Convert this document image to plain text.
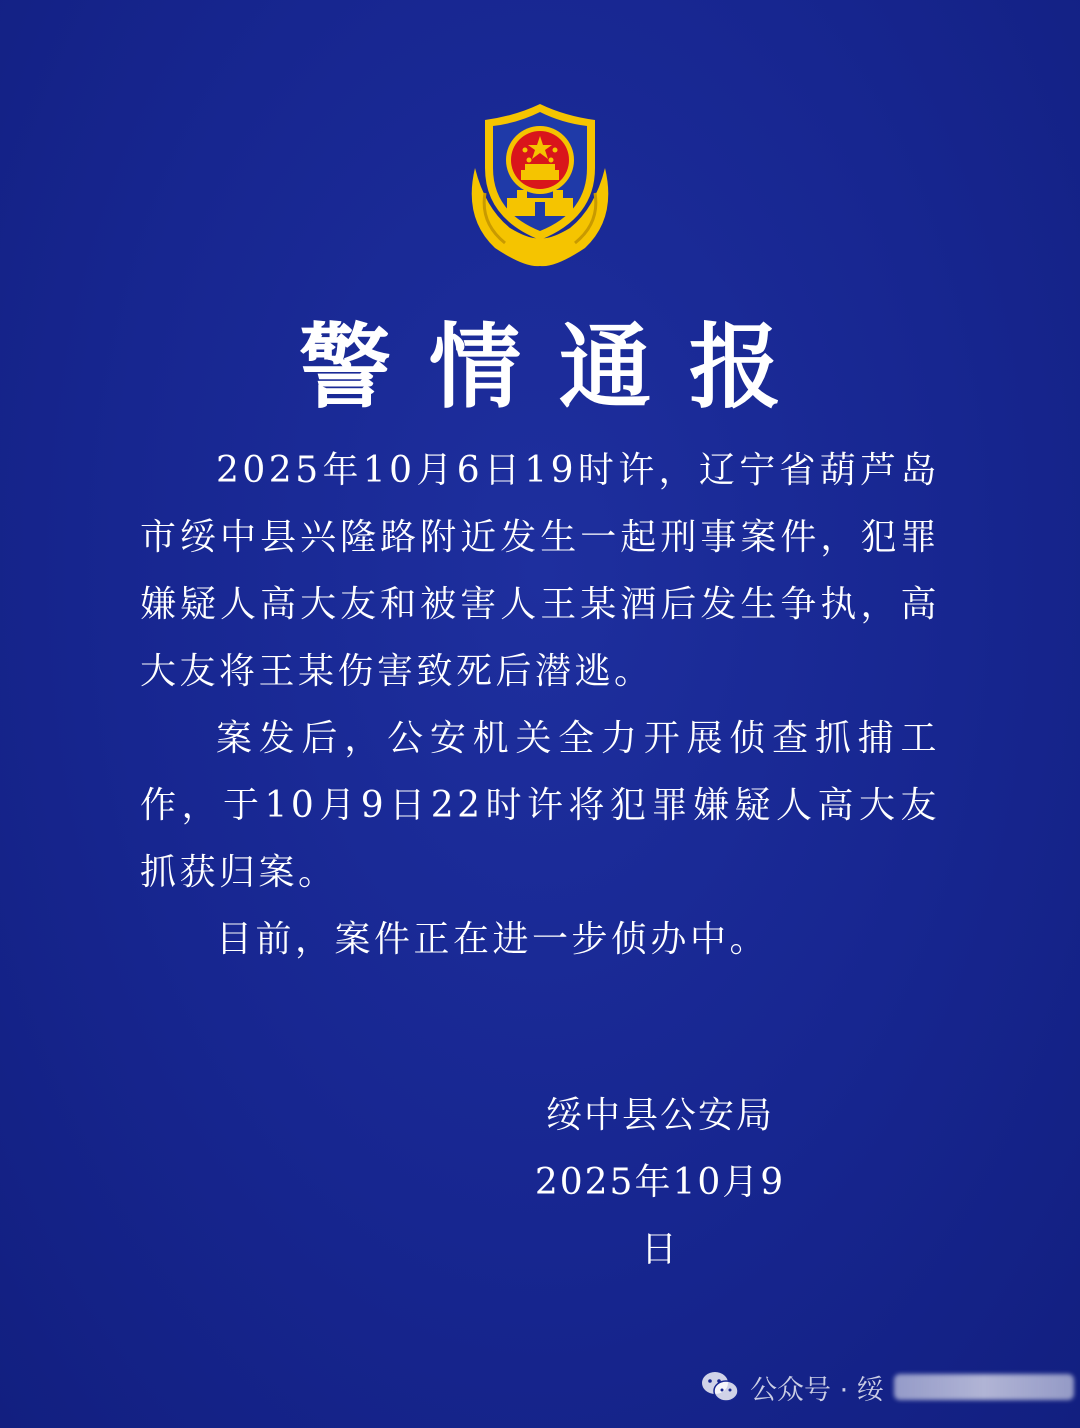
警情通报

2025年10月6日19时许，辽宁省葫芦岛市绥中县兴隆路附近发生一起刑事案件，犯罪嫌疑人高大友和被害人王某酒后发生争执，高大友将王某伤害致死后潜逃。

案发后，公安机关全力开展侦查抓捕工作，于10月9日22时许将犯罪嫌疑人高大友抓获归案。

目前，案件正在进一步侦办中。

绥中县公安局
2025年10月9日
公众号 · 绥
